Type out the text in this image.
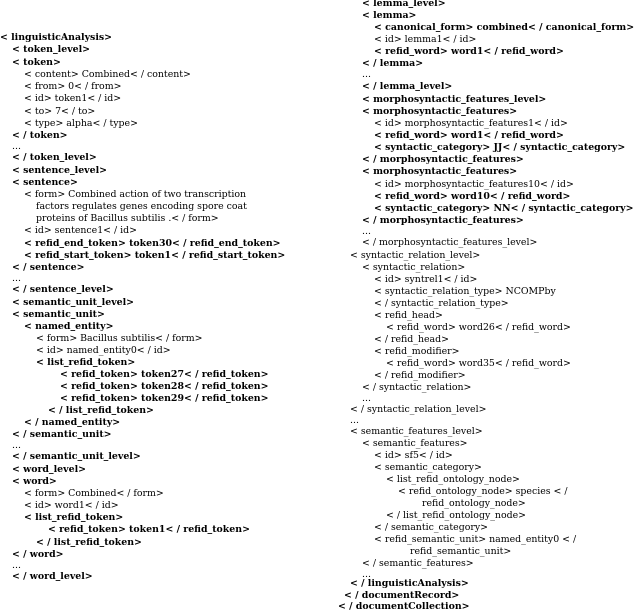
< linguisticAnalysis>
< token_level>
< token>
< content> Combined< / content>
< from> 0< / from>
< id> token1< / id>
< to> 7< / to>
< type> alpha< / type>
< / token>
...
< / token_level>
< sentence_level>
< sentence>
< form> Combined action of two transcription
factors regulates genes encoding spore coat
proteins of Bacillus subtilis .< / form>
< id> sentence1< / id>
< refid_end_token> token30< / refid_end_token>
< refid_start_token> token1< / refid_start_token>
< / sentence>
...
< / sentence_level>
< semantic_unit_level>
< semantic_unit>
< named_entity>
< form> Bacillus subtilis< / form>
< id> named_entity0< / id>
< list_refid_token>
< refid_token> token27< / refid_token>
< refid_token> token28< / refid_token>
< refid_token> token29< / refid_token>
< / list_refid_token>
< / named_entity>
< / semantic_unit>
...
< / semantic_unit_level>
< word_level>
< word>
< form> Combined< / form>
< id> word1< / id>
< list_refid_token>
< refid_token> token1< / refid_token>
< / list_refid_token>
< / word>
...
< / word_level>
< lemma_level>
< lemma>
< canonical_form> combined< / canonical_form>
< id> lemma1< / id>
< refid_word> word1< / refid_word>
< / lemma>
...
< / lemma_level>
< morphosyntactic_features_level>
< morphosyntactic_features>
< id> morphosyntactic_features1< / id>
< refid_word> word1< / refid_word>
< syntactic_category> JJ< / syntactic_category>
< / morphosyntactic_features>
< morphosyntactic_features>
< id> morphosyntactic_features10< / id>
< refid_word> word10< / refid_word>
< syntactic_category> NN< / syntactic_category>
< / morphosyntactic_features>
...
< / morphosyntactic_features_level>
< syntactic_relation_level>
< syntactic_relation>
< id> syntrel1< / id>
< syntactic_relation_type> NCOMPby
< / syntactic_relation_type>
< refid_head>
< refid_word> word26< / refid_word>
< / refid_head>
< refid_modifier>
< refid_word> word35< / refid_word>
< / refid_modifier>
< / syntactic_relation>
...
< / syntactic_relation_level>
...
< semantic_features_level>
< semantic_features>
< id> sf5< / id>
< semantic_category>
< list_refid_ontology_node>
< refid_ontology_node> species < /
refid_ontology_node>
< / list_refid_ontology_node>
< / semantic_category>
< refid_semantic_unit> named_entity0 < /
refid_semantic_unit>
< / semantic_features>
...
< / linguisticAnalysis>
< / documentRecord>
< / documentCollection>
